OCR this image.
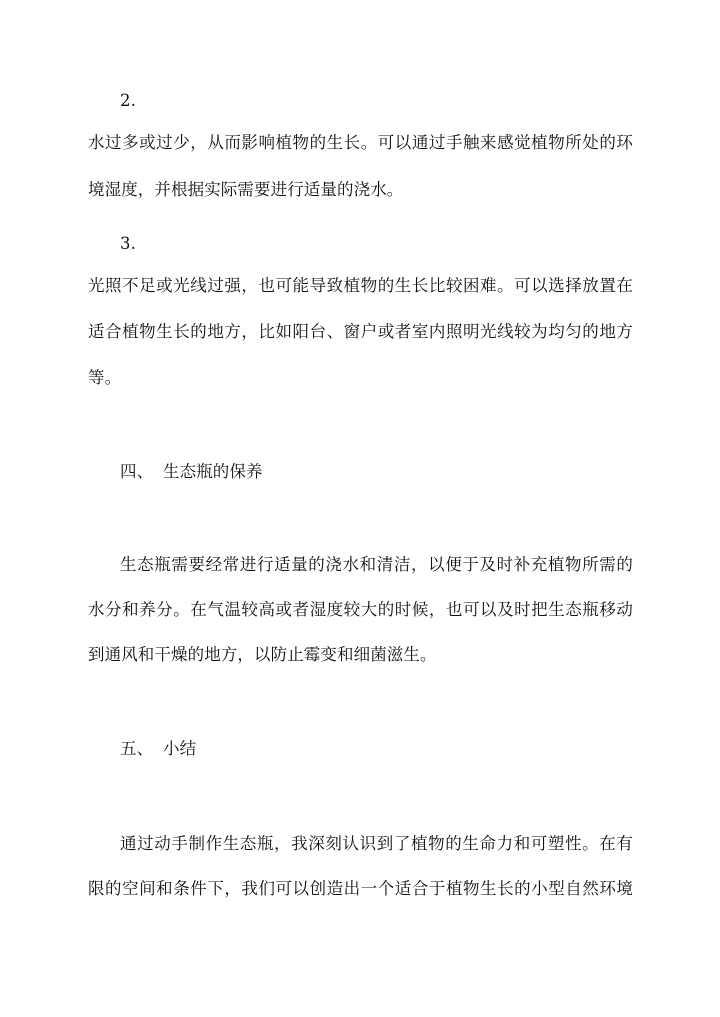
2.
水过多或过少，从而影响植物的生长。可以通过手触来感觉植物所处的环
境湿度，并根据实际需要进行适量的浇水。
3.
光照不足或光线过强，也可能导致植物的生长比较困难。可以选择放置在
适合植物生长的地方，比如阳台、窗户或者室内照明光线较为均匀的地方
等。
四、 生态瓶的保养
生态瓶需要经常进行适量的浇水和清洁，以便于及时补充植物所需的
水分和养分。在气温较高或者湿度较大的时候，也可以及时把生态瓶移动
到通风和干燥的地方，以防止霉变和细菌滋生。
五、 小结
通过动手制作生态瓶，我深刻认识到了植物的生命力和可塑性。在有
限的空间和条件下，我们可以创造出一个适合于植物生长的小型自然环境
